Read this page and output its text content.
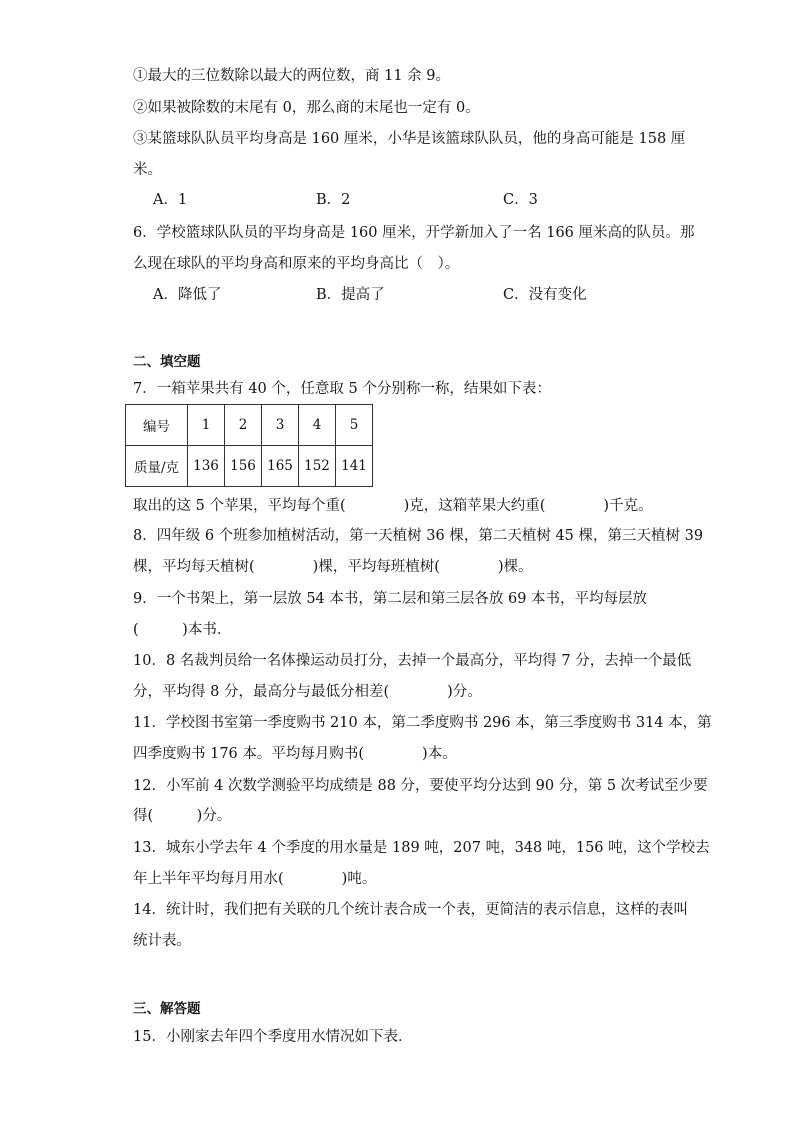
①最大的三位数除以最大的两位数，商 11 余 9。
②如果被除数的末尾有 0，那么商的末尾也一定有 0。
③某篮球队队员平均身高是 160 厘米，小华是该篮球队队员，他的身高可能是 158 厘
米。
A．1	B．2	C．3
6．学校篮球队队员的平均身高是 160 厘米，开学新加入了一名 166 厘米高的队员。那
么现在球队的平均身高和原来的平均身高比（　）。
A．降低了	B．提高了	C．没有变化
二、填空题
7．一箱苹果共有 40 个，任意取 5 个分别称一称，结果如下表：
编号	1	2	3	4	5
质量/克	136	156	165	152	141
取出的这 5 个苹果，平均每个重(　　　　)克，这箱苹果大约重(　　　　)千克。
8．四年级 6 个班参加植树活动，第一天植树 36 棵，第二天植树 45 棵，第三天植树 39
棵，平均每天植树(　　　　)棵，平均每班植树(　　　　)棵。
9．一个书架上，第一层放 54 本书，第二层和第三层各放 69 本书，平均每层放
(　　　)本书．
10．8 名裁判员给一名体操运动员打分，去掉一个最高分，平均得 7 分，去掉一个最低
分，平均得 8 分，最高分与最低分相差(　　　　)分。
11．学校图书室第一季度购书 210 本，第二季度购书 296 本，第三季度购书 314 本，第
四季度购书 176 本。平均每月购书(　　　　)本。
12．小军前 4 次数学测验平均成绩是 88 分，要使平均分达到 90 分，第 5 次考试至少要
得(　　　)分。
13．城东小学去年 4 个季度的用水量是 189 吨，207 吨，348 吨，156 吨，这个学校去
年上半年平均每月用水(　　　　)吨。
14．统计时，我们把有关联的几个统计表合成一个表，更简洁的表示信息，这样的表叫
统计表。
三、解答题
15．小刚家去年四个季度用水情况如下表．
